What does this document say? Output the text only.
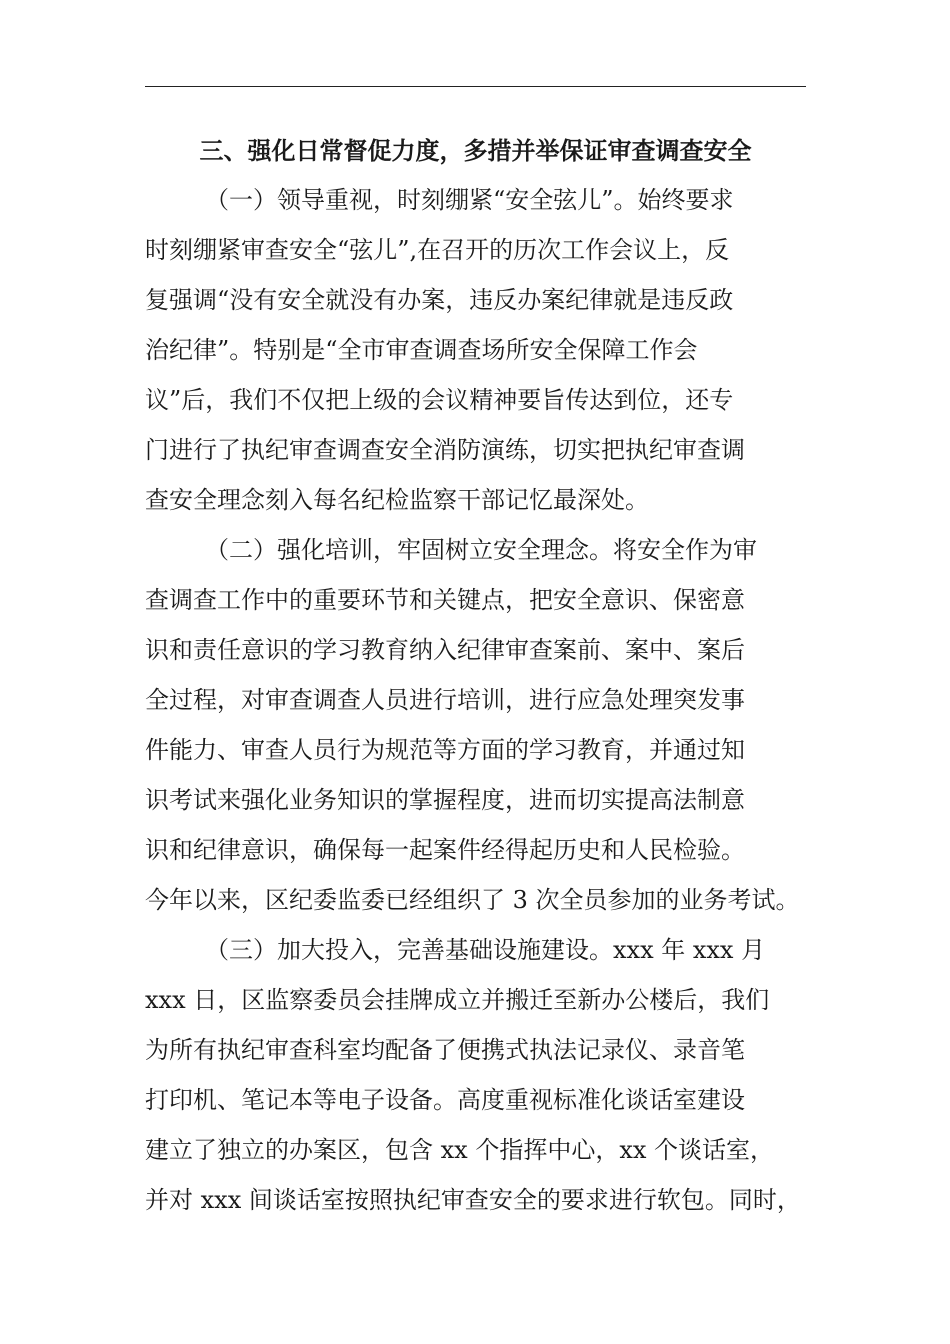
三、强化日常督促力度，多措并举保证审查调查安全
（一）领导重视，时刻绷紧“安全弦儿”。始终要求
时刻绷紧审查安全“弦儿”,在召开的历次工作会议上，反
复强调“没有安全就没有办案，违反办案纪律就是违反政
治纪律”。特别是“全市审查调查场所安全保障工作会
议”后，我们不仅把上级的会议精神要旨传达到位，还专
门进行了执纪审查调查安全消防演练，切实把执纪审查调
查安全理念刻入每名纪检监察干部记忆最深处。
（二）强化培训，牢固树立安全理念。将安全作为审
查调查工作中的重要环节和关键点，把安全意识、保密意
识和责任意识的学习教育纳入纪律审查案前、案中、案后
全过程，对审查调查人员进行培训，进行应急处理突发事
件能力、审查人员行为规范等方面的学习教育，并通过知
识考试来强化业务知识的掌握程度，进而切实提高法制意
识和纪律意识，确保每一起案件经得起历史和人民检验。
今年以来，区纪委监委已经组织了 3 次全员参加的业务考试。
（三）加大投入，完善基础设施建设。xxx 年 xxx 月
xxx 日，区监察委员会挂牌成立并搬迁至新办公楼后，我们
为所有执纪审查科室均配备了便携式执法记录仪、录音笔
打印机、笔记本等电子设备。高度重视标准化谈话室建设
建立了独立的办案区，包含 xx 个指挥中心，xx 个谈话室，
并对 xxx 间谈话室按照执纪审查安全的要求进行软包。同时，
